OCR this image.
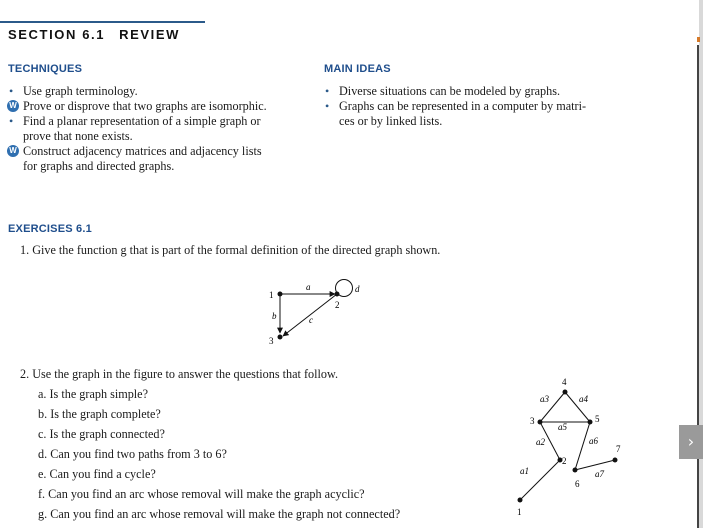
SECTION 6.1 REVIEW
TECHNIQUES
• Use graph terminology.
W Prove or disprove that two graphs are isomorphic.
• Find a planar representation of a simple graph or
prove that none exists.
W Construct adjacency matrices and adjacency lists
for graphs and directed graphs.
MAIN IDEAS
• Diverse situations can be modeled by graphs.
• Graphs can be represented in a computer by matri-
ces or by linked lists.
EXERCISES 6.1
1. Give the function g that is part of the formal definition of the directed graph shown.
1
2
3
a
b	c
d
2. Use the graph in the figure to answer the questions that follow.
a. Is the graph simple?
b. Is the graph complete?
c. Is the graph connected?
d. Can you find two paths from 3 to 6?
e. Can you find a cycle?
f. Can you find an arc whose removal will make the graph acyclic?
g. Can you find an arc whose removal will make the graph not connected?	1
2
3
4
5
6
7
a1
a2
a3	a4
a5
a6
a7
›
